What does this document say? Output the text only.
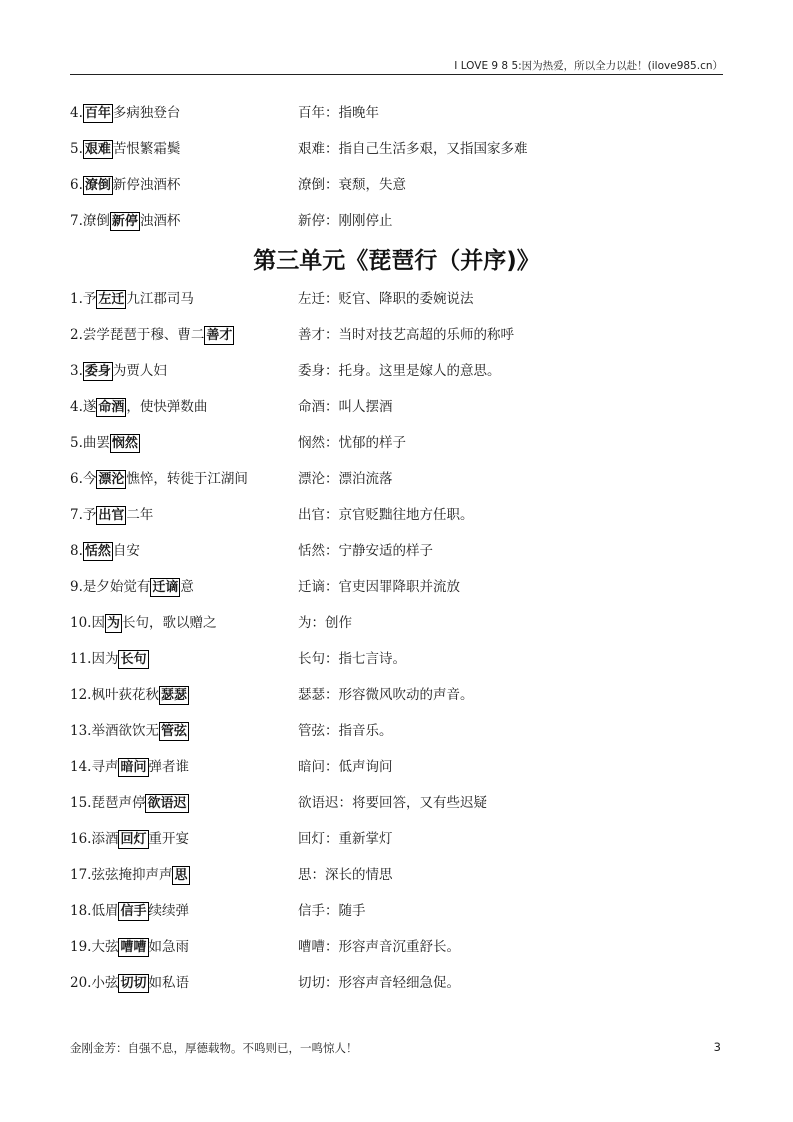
I LOVE 9 8 5:因为热爱，所以全力以赴！(ilove985.cn）
4. 百年 多病独登台	百年：指晚年
5. 艰难 苦恨繁霜鬓	艰难：指自己生活多艰，又指国家多难
6. 潦倒 新停浊酒杯	潦倒：衰颓，失意
7.潦倒 新停 浊酒杯	新停：刚刚停止
第三单元《琵琶行（并序)》
1.予 左迁 九江郡司马	左迁：贬官、降职的委婉说法
2.尝学琵琶于穆、曹二 善才	善才：当时对技艺高超的乐师的称呼
3. 委身 为贾人妇	委身：托身。这里是嫁人的意思。
4.遂 命酒 ，使快弹数曲	命酒：叫人摆酒
5.曲罢 悯然	悯然：忧郁的样子
6.今 漂沦 憔悴，转徙于江湖间	漂沦：漂泊流落
7.予 出官 二年	出官：京官贬黜往地方任职。
8. 恬然 自安	恬然：宁静安适的样子
9.是夕始觉有 迁谪 意	迁谪：官吏因罪降职并流放
10.因 为 长句，歌以赠之	为：创作
11.因为 长句	长句：指七言诗。
12.枫叶荻花秋 瑟瑟	瑟瑟：形容微风吹动的声音。
13.举酒欲饮无 管弦	管弦：指音乐。
14.寻声 暗问 弹者谁	暗问：低声询问
15.琵琶声停 欲语迟	欲语迟：将要回答，又有些迟疑
16.添酒 回灯 重开宴	回灯：重新掌灯
17.弦弦掩抑声声 思	思：深长的情思
18.低眉 信手 续续弹	信手：随手
19.大弦 嘈嘈 如急雨	嘈嘈：形容声音沉重舒长。
20.小弦 切切 如私语	切切：形容声音轻细急促。
金刚金芳：自强不息，厚德载物。不鸣则已，一鸣惊人！	3
